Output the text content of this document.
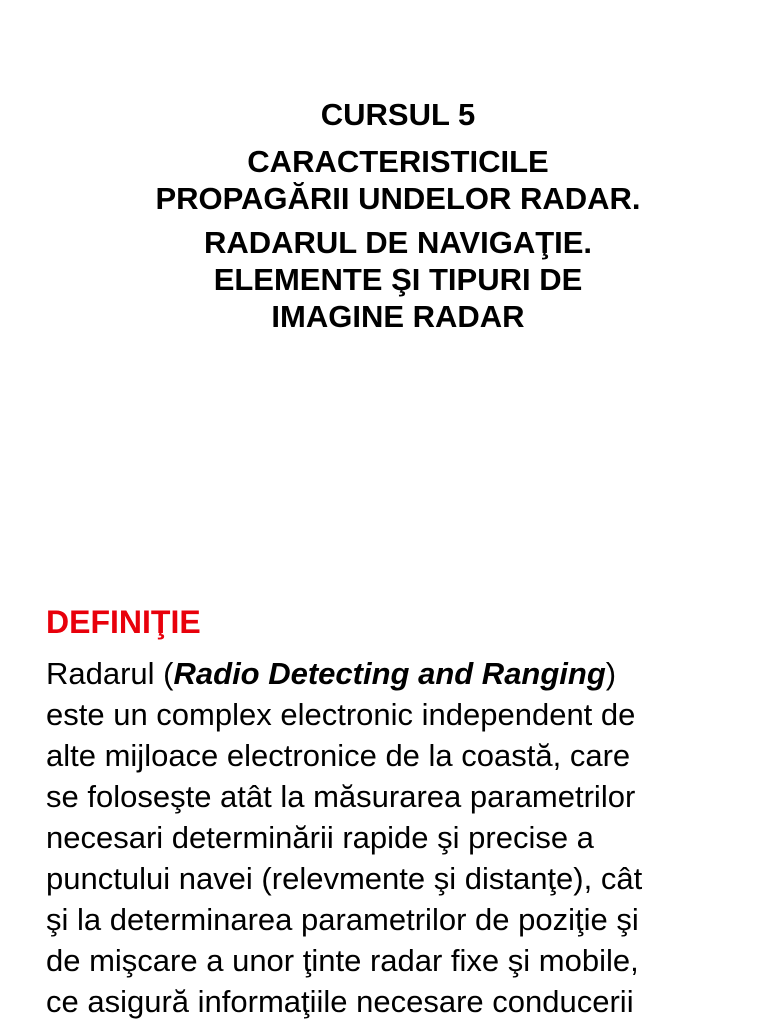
CURSUL 5
CARACTERISTICILE
PROPAGĂRII UNDELOR RADAR.
RADARUL DE NAVIGAŢIE.
ELEMENTE ŞI TIPURI DE
IMAGINE RADAR
DEFINIŢIE
Radarul (Radio Detecting and Ranging)
este un complex electronic independent de
alte mijloace electronice de la coastă, care
se foloseşte atât la măsurarea parametrilor
necesari determinării rapide şi precise a
punctului navei (relevmente şi distanţe), cât
şi la determinarea parametrilor de poziţie şi
de mişcare a unor ţinte radar fixe şi mobile,
ce asigură informaţiile necesare conducerii
